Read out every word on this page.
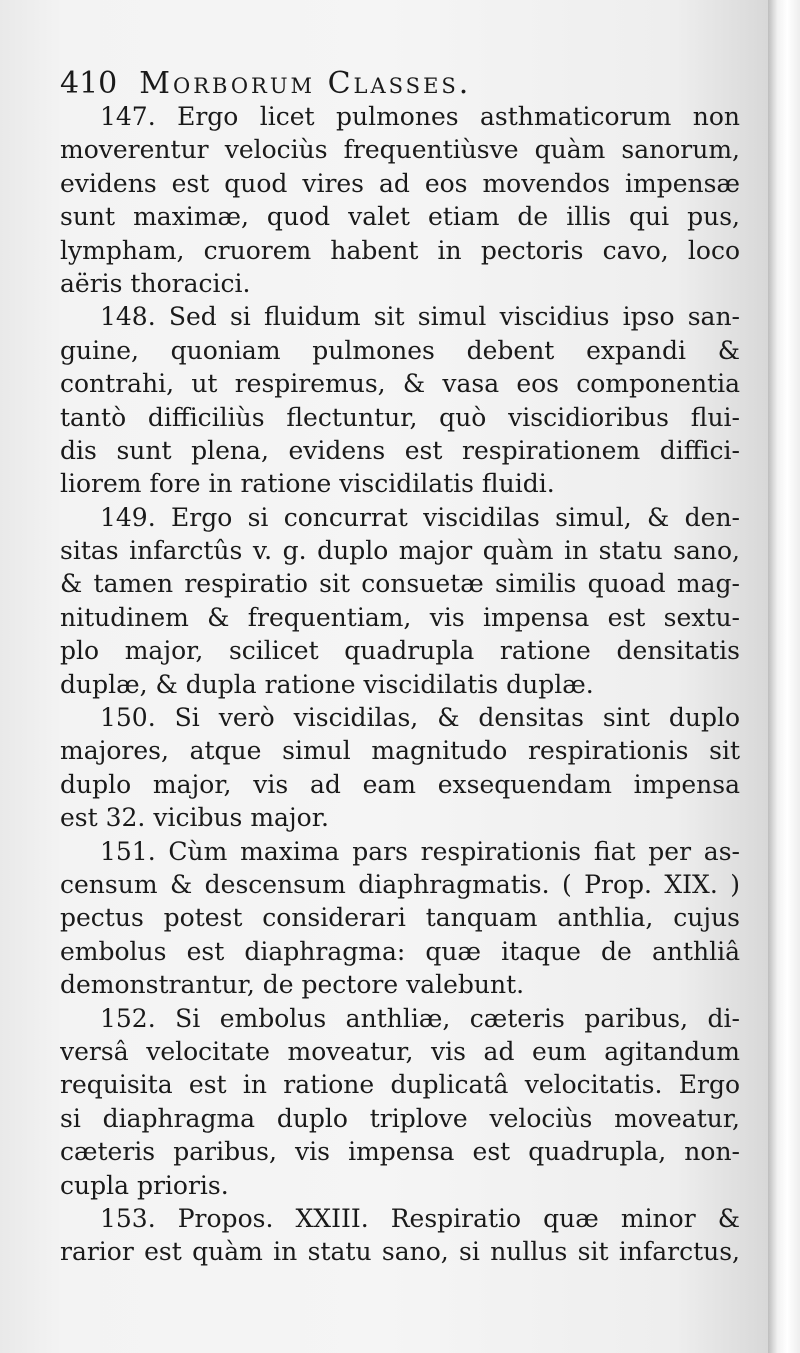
410 Morborum Classes.
147. Ergo licet pulmones asthmaticorum non
moverentur velociùs frequentiùsve quàm sanorum,
evidens est quod vires ad eos movendos impensæ
sunt maximæ, quod valet etiam de illis qui pus,
lympham, cruorem habent in pectoris cavo, loco
aëris thoracici.
148. Sed si fluidum sit simul viscidius ipso san-
guine, quoniam pulmones debent expandi &
contrahi, ut respiremus, & vasa eos componentia
tantò difficiliùs flectuntur, quò viscidioribus flui-
dis sunt plena, evidens est respirationem diffici-
liorem fore in ratione viscidilatis fluidi.
149. Ergo si concurrat viscidilas simul, & den-
sitas infarctûs v. g. duplo major quàm in statu sano,
& tamen respiratio sit consuetæ similis quoad mag-
nitudinem & frequentiam, vis impensa est sextu-
plo major, scilicet quadrupla ratione densitatis
duplæ, & dupla ratione viscidilatis duplæ.
150. Si verò viscidilas, & densitas sint duplo
majores, atque simul magnitudo respirationis sit
duplo major, vis ad eam exsequendam impensa
est 32. vicibus major.
151. Cùm maxima pars respirationis fiat per as-
censum & descensum diaphragmatis. ( Prop. XIX. )
pectus potest considerari tanquam anthlia, cujus
embolus est diaphragma: quæ itaque de anthliâ
demonstrantur, de pectore valebunt.
152. Si embolus anthliæ, cæteris paribus, di-
versâ velocitate moveatur, vis ad eum agitandum
requisita est in ratione duplicatâ velocitatis. Ergo
si diaphragma duplo triplove velociùs moveatur,
cæteris paribus, vis impensa est quadrupla, non-
cupla prioris.
153. Propos. XXIII. Respiratio quæ minor &
rarior est quàm in statu sano, si nullus sit infarctus,
